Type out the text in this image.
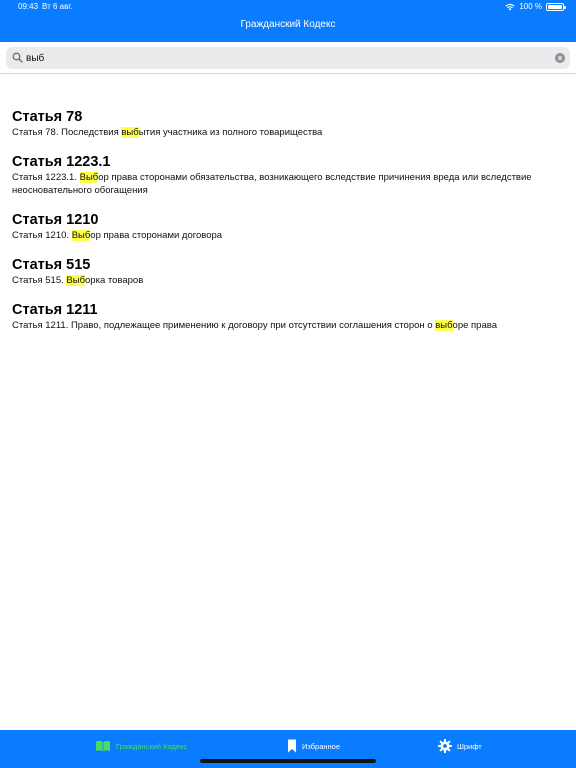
09:43 Вт 6 авг.	100 %
Гражданский Кодекс
выб
Статья 78
Статья 78. Последствия выбытия участника из полного товарищества
Статья 1223.1
Статья 1223.1. Выбор права сторонами обязательства, возникающего вследствие причинения вреда или вследствие неосновательного обогащения
Статья 1210
Статья 1210. Выбор права сторонами договора
Статья 515
Статья 515. Выборка товаров
Статья 1211
Статья 1211. Право, подлежащее применению к договору при отсутствии соглашения сторон о выборе права
Гражданский Кодекс	Избранное	Шрифт
